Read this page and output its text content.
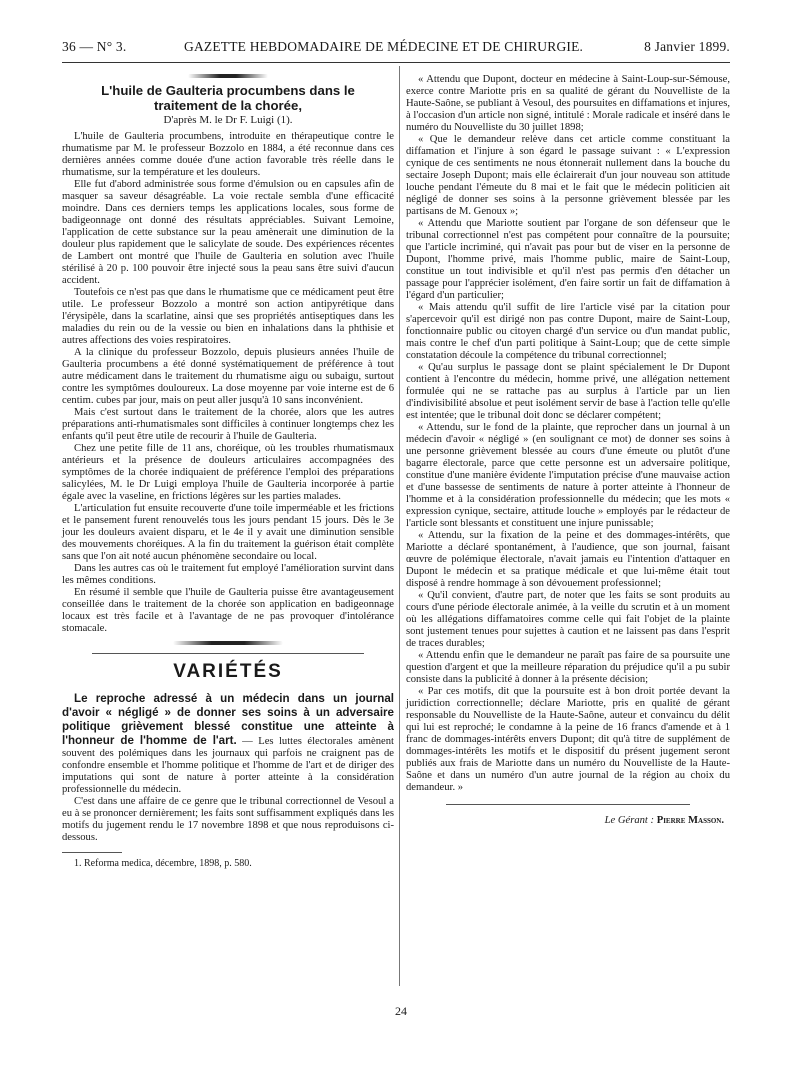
36 — N° 3.	GAZETTE HEBDOMADAIRE DE MÉDECINE ET DE CHIRURGIE.	8 Janvier 1899.
L'huile de Gaulteria procumbens dans le
traitement de la chorée,
D'après M. le Dr F. Luigi (1).

L'huile de Gaulteria procumbens, introduite en thérapeutique contre le rhumatisme par M. le professeur Bozzolo en 1884, a été reconnue dans ces dernières années comme douée d'une action favorable très réelle dans le rhumatisme, sur la température et les douleurs.

Elle fut d'abord administrée sous forme d'émulsion ou en capsules afin de masquer sa saveur désagréable. La voie rectale sembla d'une efficacité moindre. Dans ces derniers temps les applications locales, sous forme de badigeonnage ont donné des résultats appréciables. Suivant Lemoine, l'application de cette substance sur la peau amènerait une diminution de la douleur plus rapidement que le salicylate de soude. Des expériences récentes de Lambert ont montré que l'huile de Gaulteria en solution avec l'huile stérilisé à 20 p. 100 pouvoir être injecté sous la peau sans être suivi d'aucun accident.

Toutefois ce n'est pas que dans le rhumatisme que ce médicament peut être utile. Le professeur Bozzolo a montré son action antipyrétique dans l'érysipèle, dans la scarlatine, ainsi que ses propriétés antiseptiques dans les maladies du rein ou de la vessie ou bien en inhalations dans la phthisie et autres affections des voies respiratoires.

A la clinique du professeur Bozzolo, depuis plusieurs années l'huile de Gaulteria procumbens a été donné systématiquement de préférence à tout autre médicament dans le traitement du rhumatisme aigu ou subaigu, surtout contre les symptômes douloureux. La dose moyenne par voie interne est de 6 centim. cubes par jour, mais on peut aller jusqu'à 10 sans inconvénient.

Mais c'est surtout dans le traitement de la chorée, alors que les autres préparations anti-rhumatismales sont difficiles à continuer longtemps chez les enfants qu'il peut être utile de recourir à l'huile de Gaulteria.

Chez une petite fille de 11 ans, choréique, où les troubles rhumatismaux antérieurs et la présence de douleurs articulaires accompagnées des symptômes de la chorée indiquaient de préférence l'emploi des préparations salicylées, M. le Dr Luigi employa l'huile de Gaulteria incorporée à partie égale avec la vaseline, en frictions légères sur les parties malades.

L'articulation fut ensuite recouverte d'une toile imperméable et les frictions et le pansement furent renouvelés tous les jours pendant 15 jours. Dès le 3e jour les douleurs avaient disparu, et le 4e il y avait une diminution sensible des mouvements choréiques. A la fin du traitement la guérison était complète sans que l'on ait noté aucun phénomène secondaire ou local.

Dans les autres cas où le traitement fut employé l'amélioration survint dans les mêmes conditions.

En résumé il semble que l'huile de Gaulteria puisse être avantageusement conseillée dans le traitement de la chorée son application en badigeonnage locaux est très facile et à l'avantage de ne pas provoquer d'intolérance stomacale.

VARIÉTÉS

Le reproche adressé à un médecin dans un journal d'avoir « négligé » de donner ses soins à un adversaire politique grièvement blessé constitue une atteinte à l'honneur de l'homme de l'art. — Les luttes électorales amènent souvent des polémiques dans les journaux qui parfois ne craignent pas de confondre ensemble et l'homme politique et l'homme de l'art et de diriger des imputations qui sont de nature à porter atteinte à la considération professionnelle du médecin.

C'est dans une affaire de ce genre que le tribunal correctionnel de Vesoul a eu à se prononcer dernièrement; les faits sont suffisamment expliqués dans les motifs du jugement rendu le 17 novembre 1898 et que nous reproduisons ci-dessous.

1. Reforma medica, décembre, 1898, p. 580.

« Attendu que Dupont, docteur en médecine à Saint-Loup-sur-Sémouse, exerce contre Mariotte pris en sa qualité de gérant du Nouvelliste de la Haute-Saône, se publiant à Vesoul, des poursuites en diffamations et injures, à l'occasion d'un article non signé, intitulé : Morale radicale et inséré dans le numéro du Nouvelliste du 30 juillet 1898;

« Que le demandeur relève dans cet article comme constituant la diffamation et l'injure à son égard le passage suivant : « L'expression cynique de ces sentiments ne nous étonnerait nullement dans la bouche du sectaire Joseph Dupont; mais elle éclairerait d'un jour nouveau son attitude louche pendant l'émeute du 8 mai et le fait que le médecin politicien ait négligé de donner ses soins à la personne grièvement blessée par les partisans de M. Genoux »;

« Attendu que Mariotte soutient par l'organe de son défenseur que le tribunal correctionnel n'est pas compétent pour connaître de la poursuite; que l'article incriminé, qui n'avait pas pour but de viser en la personne de Dupont, l'homme privé, mais l'homme public, maire de Saint-Loup, constitue un tout indivisible et qu'il n'est pas permis d'en détacher un passage pour l'apprécier isolément, d'en faire sortir un fait de diffamation à l'égard d'un particulier;

« Mais attendu qu'il suffit de lire l'article visé par la citation pour s'apercevoir qu'il est dirigé non pas contre Dupont, maire de Saint-Loup, fonctionnaire public ou citoyen chargé d'un service ou d'un mandat public, mais contre le chef d'un parti politique à Saint-Loup; que de cette simple constatation découle la compétence du tribunal correctionnel;

« Qu'au surplus le passage dont se plaint spécialement le Dr Dupont contient à l'encontre du médecin, homme privé, une allégation nettement formulée qui ne se rattache pas au surplus à l'article par un lien d'indivisibilité absolue et peut isolément servir de base à l'action telle qu'elle est intentée; que le tribunal doit donc se déclarer compétent;

« Attendu, sur le fond de la plainte, que reprocher dans un journal à un médecin d'avoir « négligé » (en soulignant ce mot) de donner ses soins à une personne grièvement blessée au cours d'une émeute ou plutôt d'une bagarre électorale, parce que cette personne est un adversaire politique, constitue d'une manière évidente l'imputation précise d'une mauvaise action et d'une bassesse de sentiments de nature à porter atteinte à l'honneur de l'homme et à la considération professionnelle du médecin; que les mots « expression cynique, sectaire, attitude louche » employés par le rédacteur de l'article sont blessants et constituent une injure punissable;

« Attendu, sur la fixation de la peine et des dommages-intérêts, que Mariotte a déclaré spontanément, à l'audience, que son journal, faisant œuvre de polémique électorale, n'avait jamais eu l'intention d'attaquer en Dupont le médecin et sa pratique médicale et que lui-même était tout disposé à rendre hommage à son dévouement professionnel;

« Qu'il convient, d'autre part, de noter que les faits se sont produits au cours d'une période électorale animée, à la veille du scrutin et à un moment où les allégations diffamatoires comme celle qui fait l'objet de la plainte sont justement tenues pour sujettes à caution et ne laissent pas dans l'esprit de traces durables;

« Attendu enfin que le demandeur ne paraît pas faire de sa poursuite une question d'argent et que la meilleure réparation du préjudice qu'il a pu subir consiste dans la publicité à donner à la présente décision;

« Par ces motifs, dit que la poursuite est à bon droit portée devant la juridiction correctionnelle; déclare Mariotte, pris en qualité de gérant responsable du Nouvelliste de la Haute-Saône, auteur et convaincu du délit qui lui est reproché; le condamne à la peine de 16 francs d'amende et à 1 franc de dommages-intérêts envers Dupont; dit qu'à titre de supplément de dommages-intérêts les motifs et le dispositif du présent jugement seront publiés aux frais de Mariotte dans un numéro du Nouvelliste de la Haute-Saône et dans un numéro d'un autre journal de la région au choix du demandeur. »

Le Gérant : Pierre Masson.
24
